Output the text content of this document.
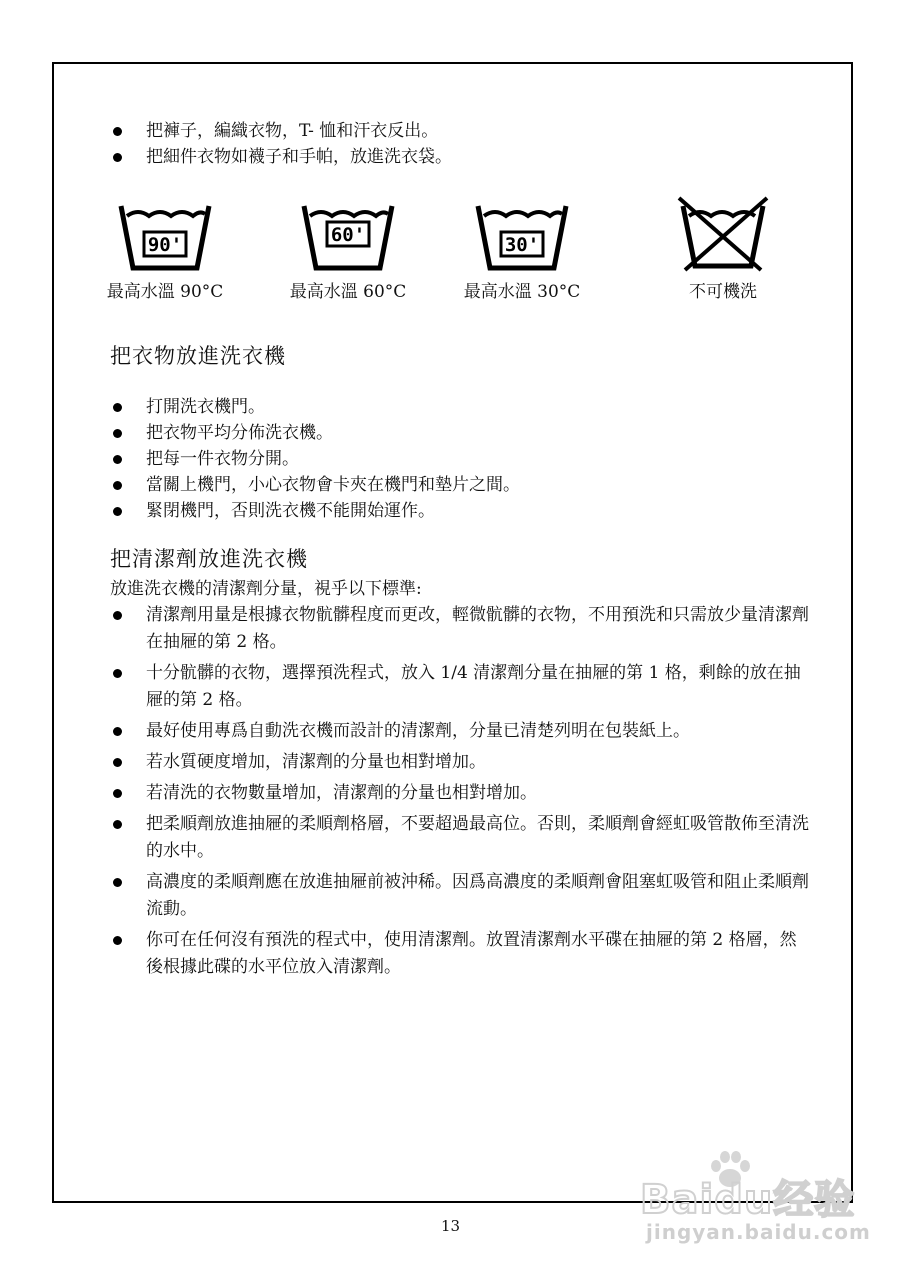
把褲子，編織衣物，T- 恤和汗衣反出。
把細件衣物如襪子和手帕，放進洗衣袋。
90'
最高水溫 90°C
60'
最高水溫 60°C
30'
最高水溫 30°C	不可機洗
把衣物放進洗衣機
打開洗衣機門。
把衣物平均分佈洗衣機。
把每一件衣物分開。
當關上機門，小心衣物會卡夾在機門和墊片之間。
緊閉機門，否則洗衣機不能開始運作。
把清潔劑放進洗衣機

放進洗衣機的清潔劑分量，視乎以下標準:

清潔劑用量是根據衣物骯髒程度而更改，輕微骯髒的衣物，不用預洗和只需放少量清潔劑在抽屜的第 2 格。
十分骯髒的衣物，選擇預洗程式，放入 1/4 清潔劑分量在抽屜的第 1 格，剩餘的放在抽屜的第 2 格。
最好使用專爲自動洗衣機而設計的清潔劑，分量已清楚列明在包裝紙上。
若水質硬度增加，清潔劑的分量也相對增加。
若清洗的衣物數量增加，清潔劑的分量也相對增加。
把柔順劑放進抽屜的柔順劑格層，不要超過最高位。否則，柔順劑會經虹吸管散佈至清洗的水中。
高濃度的柔順劑應在放進抽屜前被沖稀。因爲高濃度的柔順劑會阻塞虹吸管和阻止柔順劑流動。
你可在任何沒有預洗的程式中，使用清潔劑。放置清潔劑水平碟在抽屜的第 2 格層，然後根據此碟的水平位放入清潔劑。
Baidu经验
jingyan.baidu.com
13
